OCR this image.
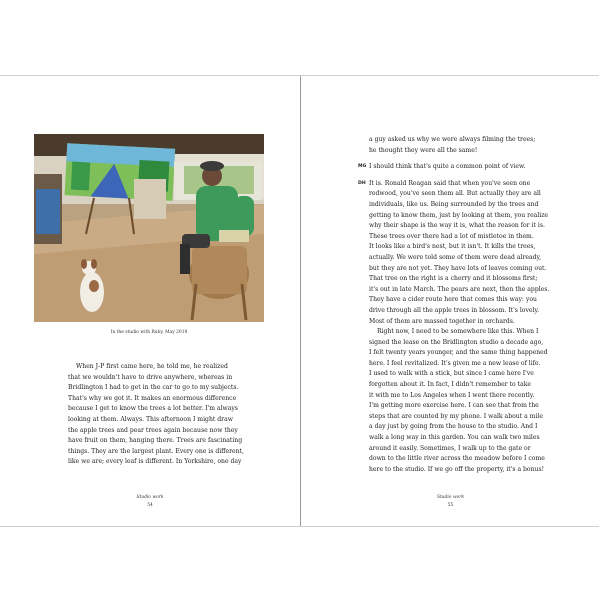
In the studio with Ruby, May 2019
When J-P first came here, he told me, he realized
that we wouldn't have to drive anywhere, whereas in
Bridlington I had to get in the car to go to my subjects.
That's why we got it. It makes an enormous difference
because I get to know the trees a lot better. I'm always
looking at them. Always. This afternoon I might draw
the apple trees and pear trees again because now they
have fruit on them, hanging there. Trees are fascinating
things. They are the largest plant. Every one is different,
like we are; every leaf is different. In Yorkshire, one day
Studio work
54
a guy asked us why we were always filming the trees;
he thought they were all the same!
MG I should think that's quite a common point of view.
DH It is. Ronald Reagan said that when you've seen one
redwood, you've seen them all. But actually they are all
individuals, like us. Being surrounded by the trees and
getting to know them, just by looking at them, you realize
why their shape is the way it is, what the reason for it is.
These trees over there had a lot of mistletoe in them.
It looks like a bird's nest, but it isn't. It kills the trees,
actually. We were told some of them were dead already,
but they are not yet. They have lots of leaves coming out.
That tree on the right is a cherry and it blossoms first;
it's out in late March. The pears are next, then the apples.
They have a cider route here that comes this way: you
drive through all the apple trees in blossom. It's lovely.
Most of them are massed together in orchards.
Right now, I need to be somewhere like this. When I
signed the lease on the Bridlington studio a decade ago,
I felt twenty years younger, and the same thing happened
here. I feel revitalized. It's given me a new lease of life.
I used to walk with a stick, but since I came here I've
forgotten about it. In fact, I didn't remember to take
it with me to Los Angeles when I went there recently.
I'm getting more exercise here. I can see that from the
steps that are counted by my phone. I walk about a mile
a day just by going from the house to the studio. And I
walk a long way in this garden. You can walk two miles
around it easily. Sometimes, I walk up to the gate or
down to the little river across the meadow before I come
here to the studio. If we go off the property, it's a bonus!
Studio work
55
